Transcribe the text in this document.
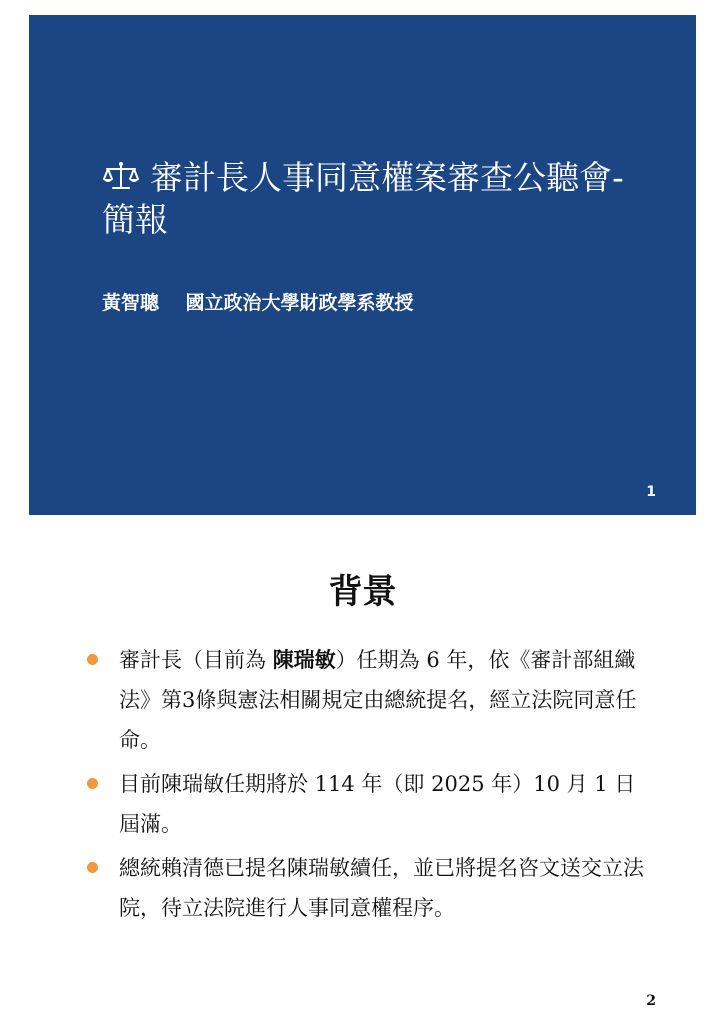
審計長人事同意權案審查公聽會-簡報
黃智聰 國立政治大學財政學系教授
1
背景
審計長（目前為 陳瑞敏）任期為 6 年，依《審計部組織法》第3條與憲法相關規定由總統提名，經立法院同意任命。
目前陳瑞敏任期將於 114 年（即 2025 年）10 月 1 日 屆滿。
總統賴清德已提名陳瑞敏續任，並已將提名咨文送交立法院，待立法院進行人事同意權程序。
2
